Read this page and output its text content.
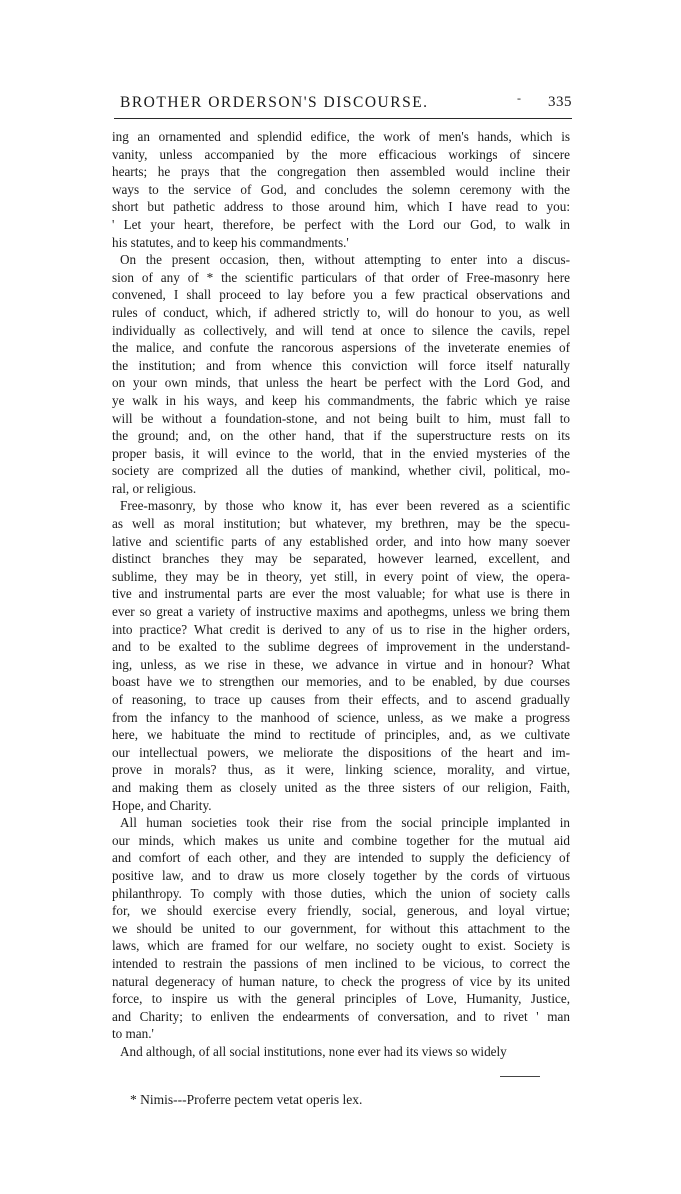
BROTHER ORDERSON'S DISCOURSE.	- 335
ing an ornamented and splendid edifice, the work of men's hands, which is
vanity, unless accompanied by the more efficacious workings of sincere
hearts; he prays that the congregation then assembled would incline their
ways to the service of God, and concludes the solemn ceremony with the
short but pathetic address to those around him, which I have read to you:
' Let your heart, therefore, be perfect with the Lord our God, to walk in
his statutes, and to keep his commandments.'
On the present occasion, then, without attempting to enter into a discus-
sion of any of * the scientific particulars of that order of Free-masonry here
convened, I shall proceed to lay before you a few practical observations and
rules of conduct, which, if adhered strictly to, will do honour to you, as well
individually as collectively, and will tend at once to silence the cavils, repel
the malice, and confute the rancorous aspersions of the inveterate enemies of
the institution; and from whence this conviction will force itself naturally
on your own minds, that unless the heart be perfect with the Lord God, and
ye walk in his ways, and keep his commandments, the fabric which ye raise
will be without a foundation-stone, and not being built to him, must fall to
the ground; and, on the other hand, that if the superstructure rests on its
proper basis, it will evince to the world, that in the envied mysteries of the
society are comprized all the duties of mankind, whether civil, political, mo-
ral, or religious.
Free-masonry, by those who know it, has ever been revered as a scientific
as well as moral institution; but whatever, my brethren, may be the specu-
lative and scientific parts of any established order, and into how many soever
distinct branches they may be separated, however learned, excellent, and
sublime, they may be in theory, yet still, in every point of view, the opera-
tive and instrumental parts are ever the most valuable; for what use is there in
ever so great a variety of instructive maxims and apothegms, unless we bring them
into practice? What credit is derived to any of us to rise in the higher orders,
and to be exalted to the sublime degrees of improvement in the understand-
ing, unless, as we rise in these, we advance in virtue and in honour? What
boast have we to strengthen our memories, and to be enabled, by due courses
of reasoning, to trace up causes from their effects, and to ascend gradually
from the infancy to the manhood of science, unless, as we make a progress
here, we habituate the mind to rectitude of principles, and, as we cultivate
our intellectual powers, we meliorate the dispositions of the heart and im-
prove in morals? thus, as it were, linking science, morality, and virtue,
and making them as closely united as the three sisters of our religion, Faith,
Hope, and Charity.
All human societies took their rise from the social principle implanted in
our minds, which makes us unite and combine together for the mutual aid
and comfort of each other, and they are intended to supply the deficiency of
positive law, and to draw us more closely together by the cords of virtuous
philanthropy. To comply with those duties, which the union of society calls
for, we should exercise every friendly, social, generous, and loyal virtue;
we should be united to our government, for without this attachment to the
laws, which are framed for our welfare, no society ought to exist. Society is
intended to restrain the passions of men inclined to be vicious, to correct the
natural degeneracy of human nature, to check the progress of vice by its united
force, to inspire us with the general principles of Love, Humanity, Justice,
and Charity; to enliven the endearments of conversation, and to rivet ' man
to man.'
And although, of all social institutions, none ever had its views so widely
* Nimis---Proferre pectem vetat operis lex.
